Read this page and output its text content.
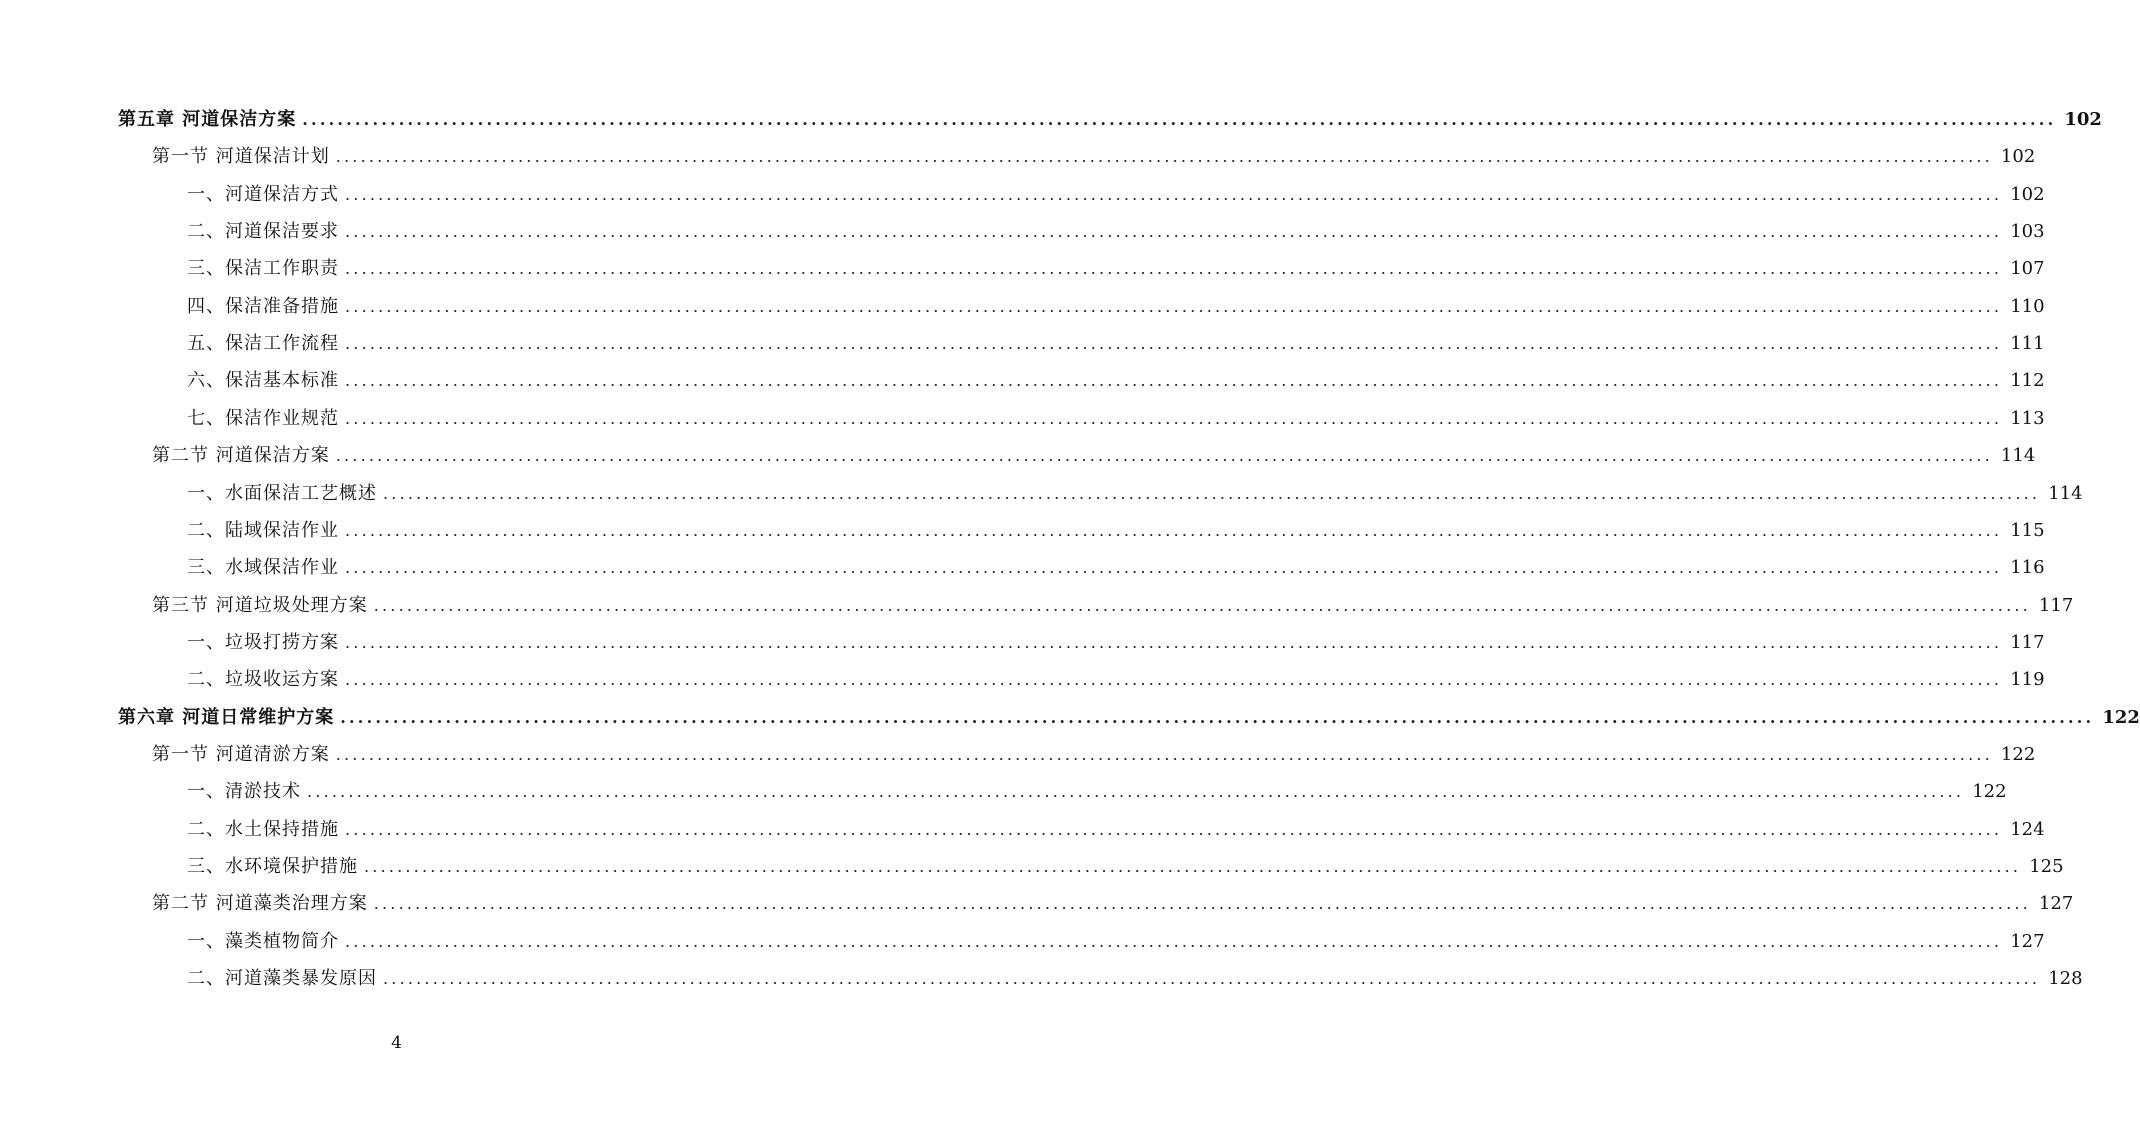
第五章 河道保洁方案 ........................................................................................................................................................................................................ 102
第一节 河道保洁计划 ........................................................................................................................................................................................................ 102
一、河道保洁方式 ........................................................................................................................................................................................................ 102
二、河道保洁要求 ........................................................................................................................................................................................................ 103
三、保洁工作职责 ........................................................................................................................................................................................................ 107
四、保洁准备措施 ........................................................................................................................................................................................................ 110
五、保洁工作流程 ........................................................................................................................................................................................................ 111
六、保洁基本标准 ........................................................................................................................................................................................................ 112
七、保洁作业规范 ........................................................................................................................................................................................................ 113
第二节 河道保洁方案 ........................................................................................................................................................................................................ 114
一、水面保洁工艺概述 ........................................................................................................................................................................................................ 114
二、陆域保洁作业 ........................................................................................................................................................................................................ 115
三、水域保洁作业 ........................................................................................................................................................................................................ 116
第三节 河道垃圾处理方案 ........................................................................................................................................................................................................ 117
一、垃圾打捞方案 ........................................................................................................................................................................................................ 117
二、垃圾收运方案 ........................................................................................................................................................................................................ 119
第六章 河道日常维护方案 ........................................................................................................................................................................................................ 122
第一节 河道清淤方案 ........................................................................................................................................................................................................ 122
一、清淤技术 ........................................................................................................................................................................................................ 122
二、水土保持措施 ........................................................................................................................................................................................................ 124
三、水环境保护措施 ........................................................................................................................................................................................................ 125
第二节 河道藻类治理方案 ........................................................................................................................................................................................................ 127
一、藻类植物简介 ........................................................................................................................................................................................................ 127
二、河道藻类暴发原因 ........................................................................................................................................................................................................ 128
4
